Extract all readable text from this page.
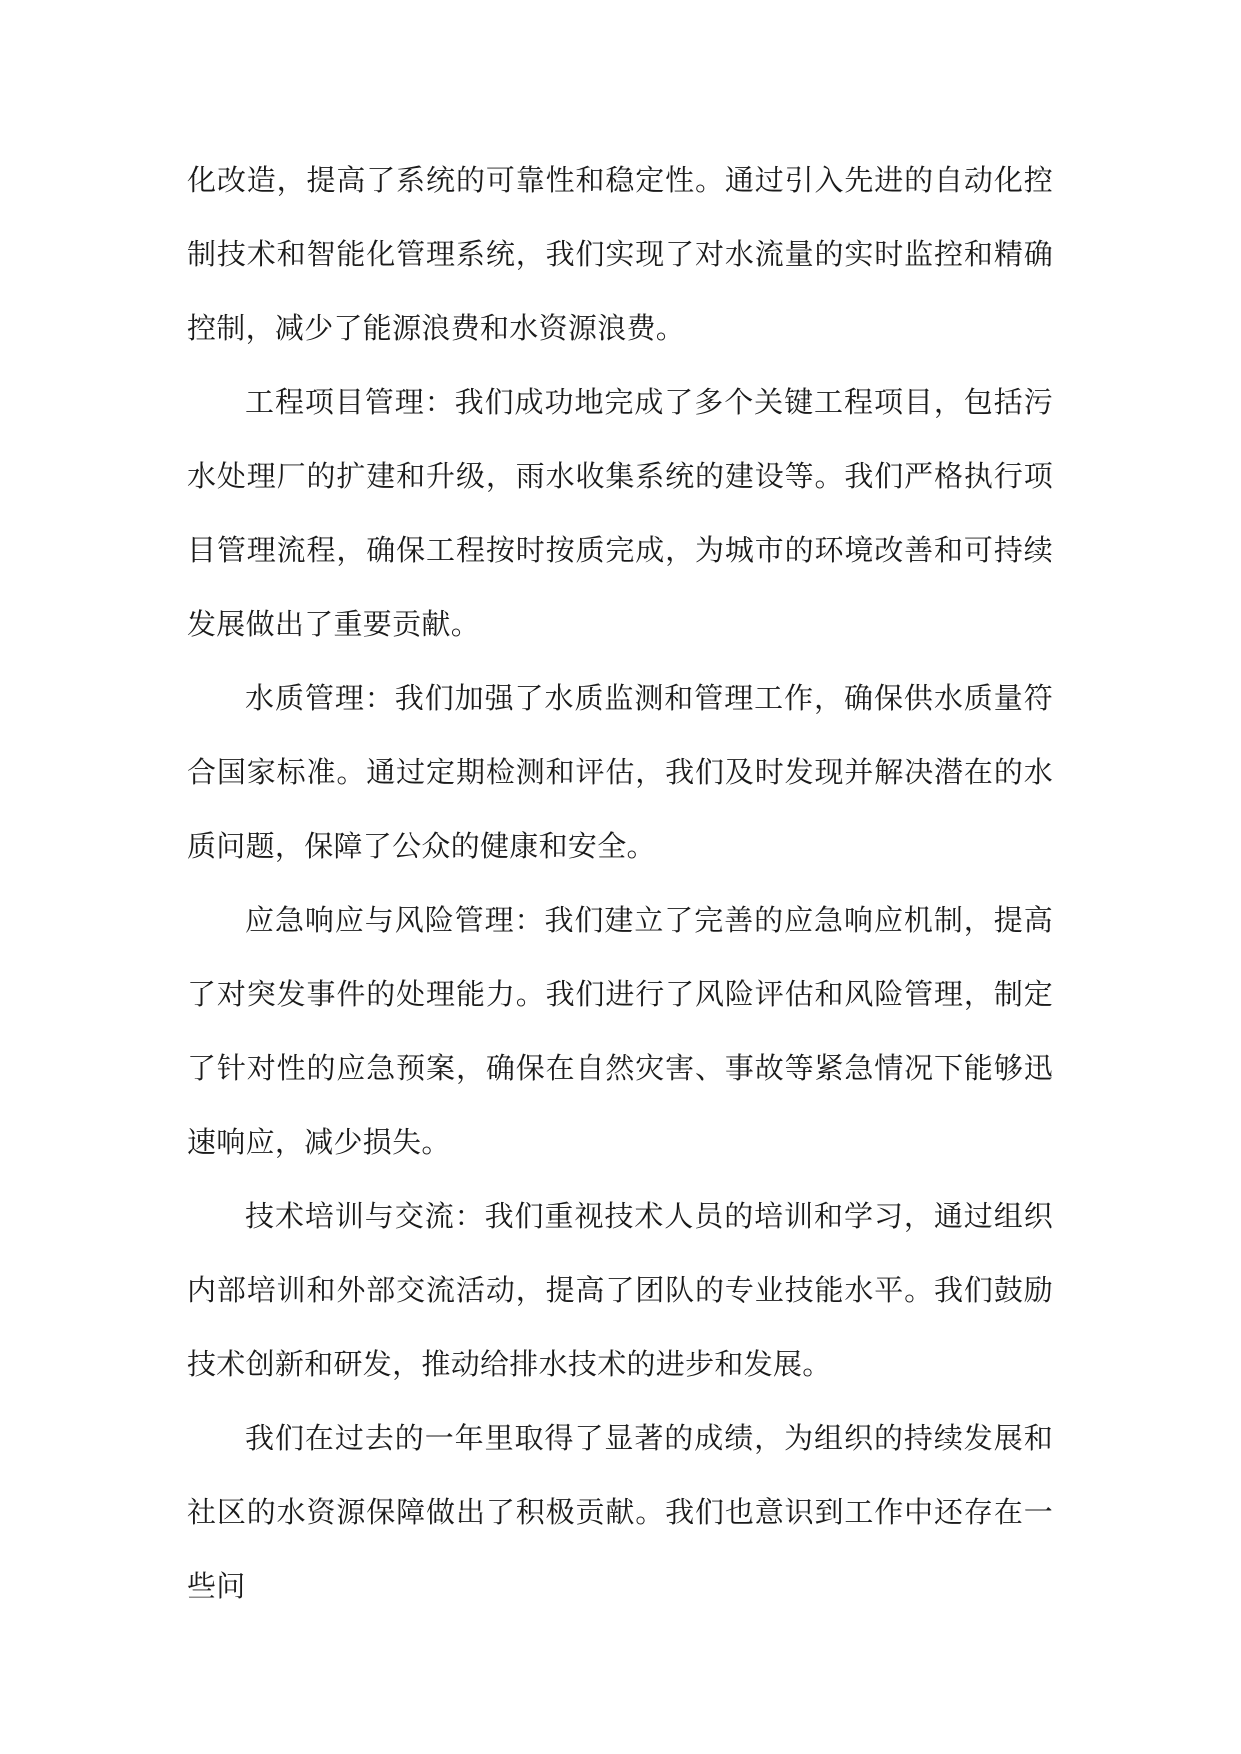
化改造，提高了系统的可靠性和稳定性。通过引入先进的自动化控制技术和智能化管理系统，我们实现了对水流量的实时监控和精确控制，减少了能源浪费和水资源浪费。

工程项目管理：我们成功地完成了多个关键工程项目，包括污水处理厂的扩建和升级，雨水收集系统的建设等。我们严格执行项目管理流程，确保工程按时按质完成，为城市的环境改善和可持续发展做出了重要贡献。

水质管理：我们加强了水质监测和管理工作，确保供水质量符合国家标准。通过定期检测和评估，我们及时发现并解决潜在的水质问题，保障了公众的健康和安全。

应急响应与风险管理：我们建立了完善的应急响应机制，提高了对突发事件的处理能力。我们进行了风险评估和风险管理，制定了针对性的应急预案，确保在自然灾害、事故等紧急情况下能够迅速响应，减少损失。

技术培训与交流：我们重视技术人员的培训和学习，通过组织内部培训和外部交流活动，提高了团队的专业技能水平。我们鼓励技术创新和研发，推动给排水技术的进步和发展。

我们在过去的一年里取得了显著的成绩，为组织的持续发展和社区的水资源保障做出了积极贡献。我们也意识到工作中还存在一些问
